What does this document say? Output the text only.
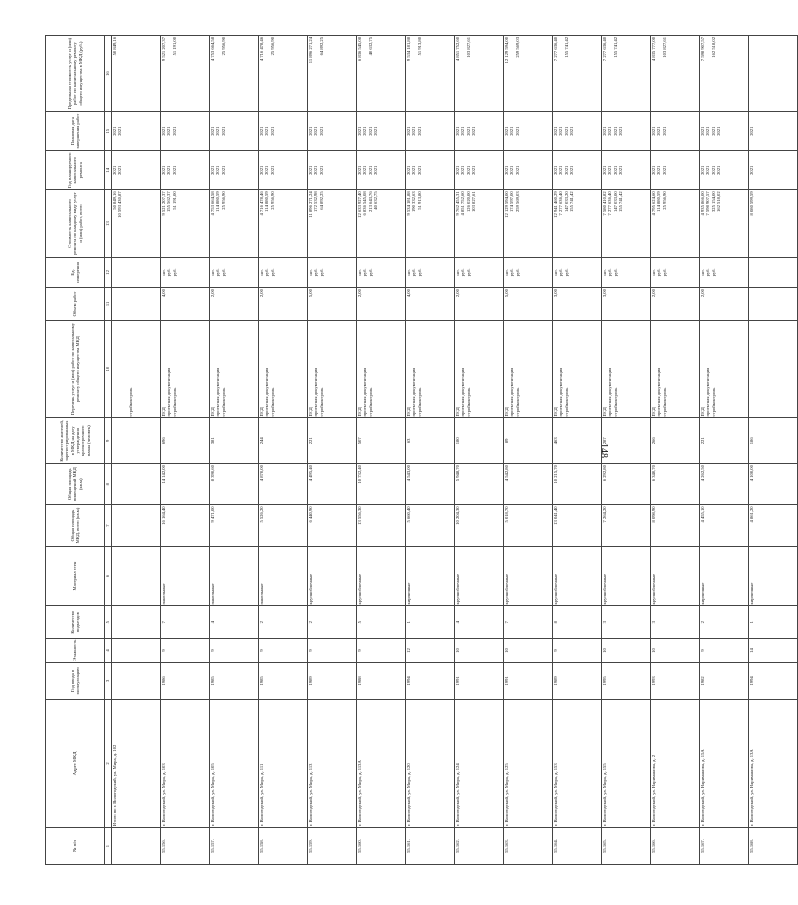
148
№ п/п	Адрес МКД	Год ввода в эксплуатацию	Этажность	Количество подъездов	Материал стен	Общая площадь МКД, всего (кв.м)	Общая площадь помещений МКД (кв.м)	Количество жителей, зарегистрированных в МКД на дату утверждения краткосрочного плана (человек)	Перечень услуг и (или) работ по капитальному ремонту общего имущества МКД	Объем работ	Ед. измерения	Стоимость капитального ремонта по каждому виду услуг и (или) работ, всего	Год планируемого капитального ремонта	Плановая дата завершения работ	Предельная стоимость услуг и (или) работ по капитальному ремонту общего имущества в МКД (руб.)
1	2	3	4	5	6	7	8	9	10	11	12	13	14	15	16
	Итого по г. Вологодский, ул. Мира, д. 102								стройконтроль			50 849,16 10 593 430,87	2021 2021	2021 2021	50 849,16

55.156.	г. Вологодский, ул. Мира, д. 103	1986	9	7	панельные	16 164,40	14 142,00	696	ПСД проектная документация стройконтроль	4,00	шт. руб. руб.	9 521 207,37 155 562,37 51 191,00	2021 2021 2021	2021 2021 2021	9 521 207,37
51 191,00

55.157.	г. Вологодский, ул. Мира, д. 105	1985	9	4	панельные	9 471,00	8 390,60	381	ПСД проектная документация стройконтроль	2,00	шт. руб. руб.	4 753 664,58 114 880,59 25 956,90	2021 2021 2021	2021 2021 2021	4 753 664,58
25 956,90

55.158.	г. Вологодский, ул. Мира, д. 111	1985	9	2	панельные	5 526,20	4 870,00	244	ПСД проектная документация стройконтроль	2,00	шт. руб. руб.	4 716 478,46 114 880,59 25 956,90	2021 2021 2021	2021 2021 2021	4 716 478,46
25 956,90

55.159.	г. Вологодский, ул. Мира, д. 113	1989	9	2	крупноблочные	6 440,90	4 495,40	221	ПСД проектная документация стройконтроль	5,00	шт. руб. руб.	11 896 271,24 172 532,98 64 892,25	2021 2021 2021	2021 2021 2021	11 896 271,24
64 892,25

55.160.	г. Вологодский, ул. Мира, д. 113А	1988	9	5	крупноблочные	13 556,30	10 732,40	507	ПСД проектная документация стройконтроль	2,00	шт. руб. руб.	12 633 927,40 6 836 545,08 213 643,76 40 632,75	2021 2021 2021 2021	2021 2021 2021 2021	6 836 545,08
40 632,75

55.161.	г. Вологодский, ул. Мира, д. 120	1994	12	1	кирпичные	5 660,40	4 543,00	63	ПСД проектная документация стройконтроль	4,00	шт. руб. руб.	9 534 181,88 190 332,63 51 913,80	2021 2021 2021	2021 2021 2021	9 534 181,88
51 913,80

55.162.	г. Вологодский, ул. Мира, д. 124	1991	10	4	крупноблочные	10 204,30	5 948,70	180	ПСД проектная документация стройконтроль	2,00	шт. руб. руб.	9 762 455,31 4 851 752,60 126 020,00 103 827,61	2021 2021 2021 2021	2021 2021 2021 2021	4 851 752,60
103 827,61

55.163.	г. Вологодский, ул. Мира, д. 125	1991	10	7	крупноблочные	5 018,70	4 542,80	89	ПСД проектная документация стройконтроль	5,00	шт. руб. руб.	12 129 594,00 174 597,00 259 569,03	2021 2021 2021	2021 2021 2021	12 129 594,00
259 569,03

55.164.	г. Вологодский, ул. Мира, д. 153	1989	9	8	крупноблочные	13 041,40	10 215,70	463	ПСД проектная документация стройконтроль	3,00	шт. руб. руб.	12 941 460,29 7 277 636,40 147 033,20 155 741,42	2021 2021 2021 2021	2021 2021 2021 2021	7 277 636,40
155 741,42

55.165.	г. Вологодский, ул. Мира, д. 155	1995	10	3	крупноблочные	7 264,20	6 292,80	287	ПСД проектная документация стройконтроль	3,00	шт. руб. руб.	7 580 410,82 7 277 636,40 147 033,00 155 741,42	2021 2021 2021 2021	2021 2021 2021 2021	7 277 636,40
155 741,42

55.166.	г. Вологодский, ул. Нариманова, д. 2	1993	10	3	крупноблочные	8 098,90	6 340,70	266	ПСД проектная документация стройконтроль	2,00	шт. руб. руб.	4 795 624,60 114 880,59 25 956,90	2021 2021 2021	2021 2021 2021	4 835 777,00
103 827,61

55.167.	г. Вологодский, ул. Нариманова, д. 15А	1982	9	2	кирпичные	4 455,10	4 262,50	221	ПСД проектная документация стройконтроль	2,00	шт. руб. руб.	4 935 866,00 7 598 907,57 325 154,00 162 518,02	2021 2021 2021 2021	2021 2021 2021 2021	7 598 907,57
162 518,02

55.168.	г. Вологодский, ул. Нариманова, д. 13А	1994	14	1	кирпичные	4 861,20	4 100,00	186				8 080 599,59	2021	2021	
